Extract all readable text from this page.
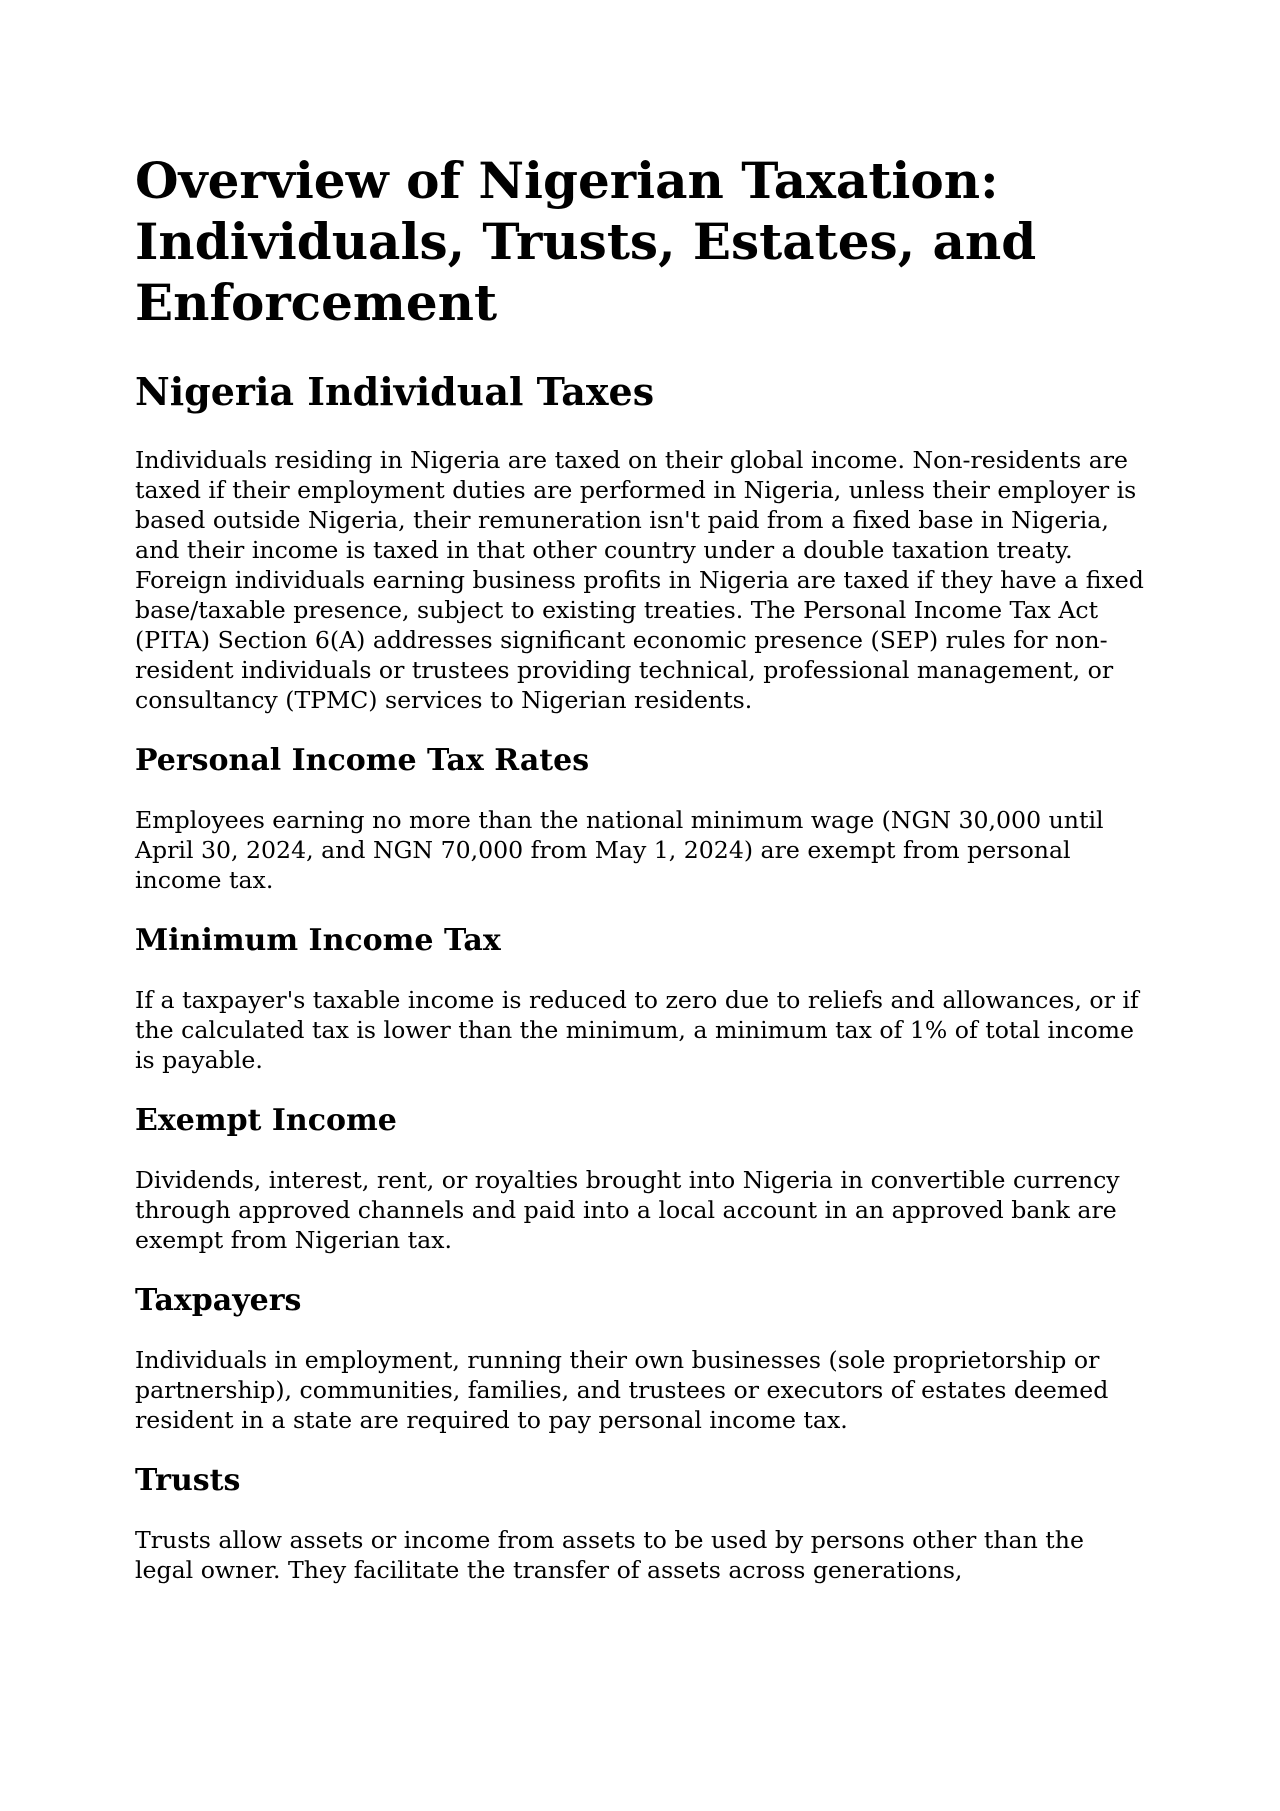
Overview of Nigerian Taxation: Individuals, Trusts, Estates, and Enforcement
Nigeria Individual Taxes

Individuals residing in Nigeria are taxed on their global income. Non-residents are taxed if their employment duties are performed in Nigeria, unless their employer is based outside Nigeria, their remuneration isn't paid from a fixed base in Nigeria, and their income is taxed in that other country under a double taxation treaty. Foreign individuals earning business profits in Nigeria are taxed if they have a fixed base/taxable presence, subject to existing treaties. The Personal Income Tax Act (PITA) Section 6(A) addresses significant economic presence (SEP) rules for non-resident individuals or trustees providing technical, professional management, or consultancy (TPMC) services to Nigerian residents.

Personal Income Tax Rates

Employees earning no more than the national minimum wage (NGN 30,000 until April 30, 2024, and NGN 70,000 from May 1, 2024) are exempt from personal income tax.

Minimum Income Tax

If a taxpayer's taxable income is reduced to zero due to reliefs and allowances, or if the calculated tax is lower than the minimum, a minimum tax of 1% of total income is payable.

Exempt Income

Dividends, interest, rent, or royalties brought into Nigeria in convertible currency through approved channels and paid into a local account in an approved bank are exempt from Nigerian tax.

Taxpayers

Individuals in employment, running their own businesses (sole proprietorship or partnership), communities, families, and trustees or executors of estates deemed resident in a state are required to pay personal income tax.

Trusts

Trusts allow assets or income from assets to be used by persons other than the legal owner. They facilitate the transfer of assets across generations,
